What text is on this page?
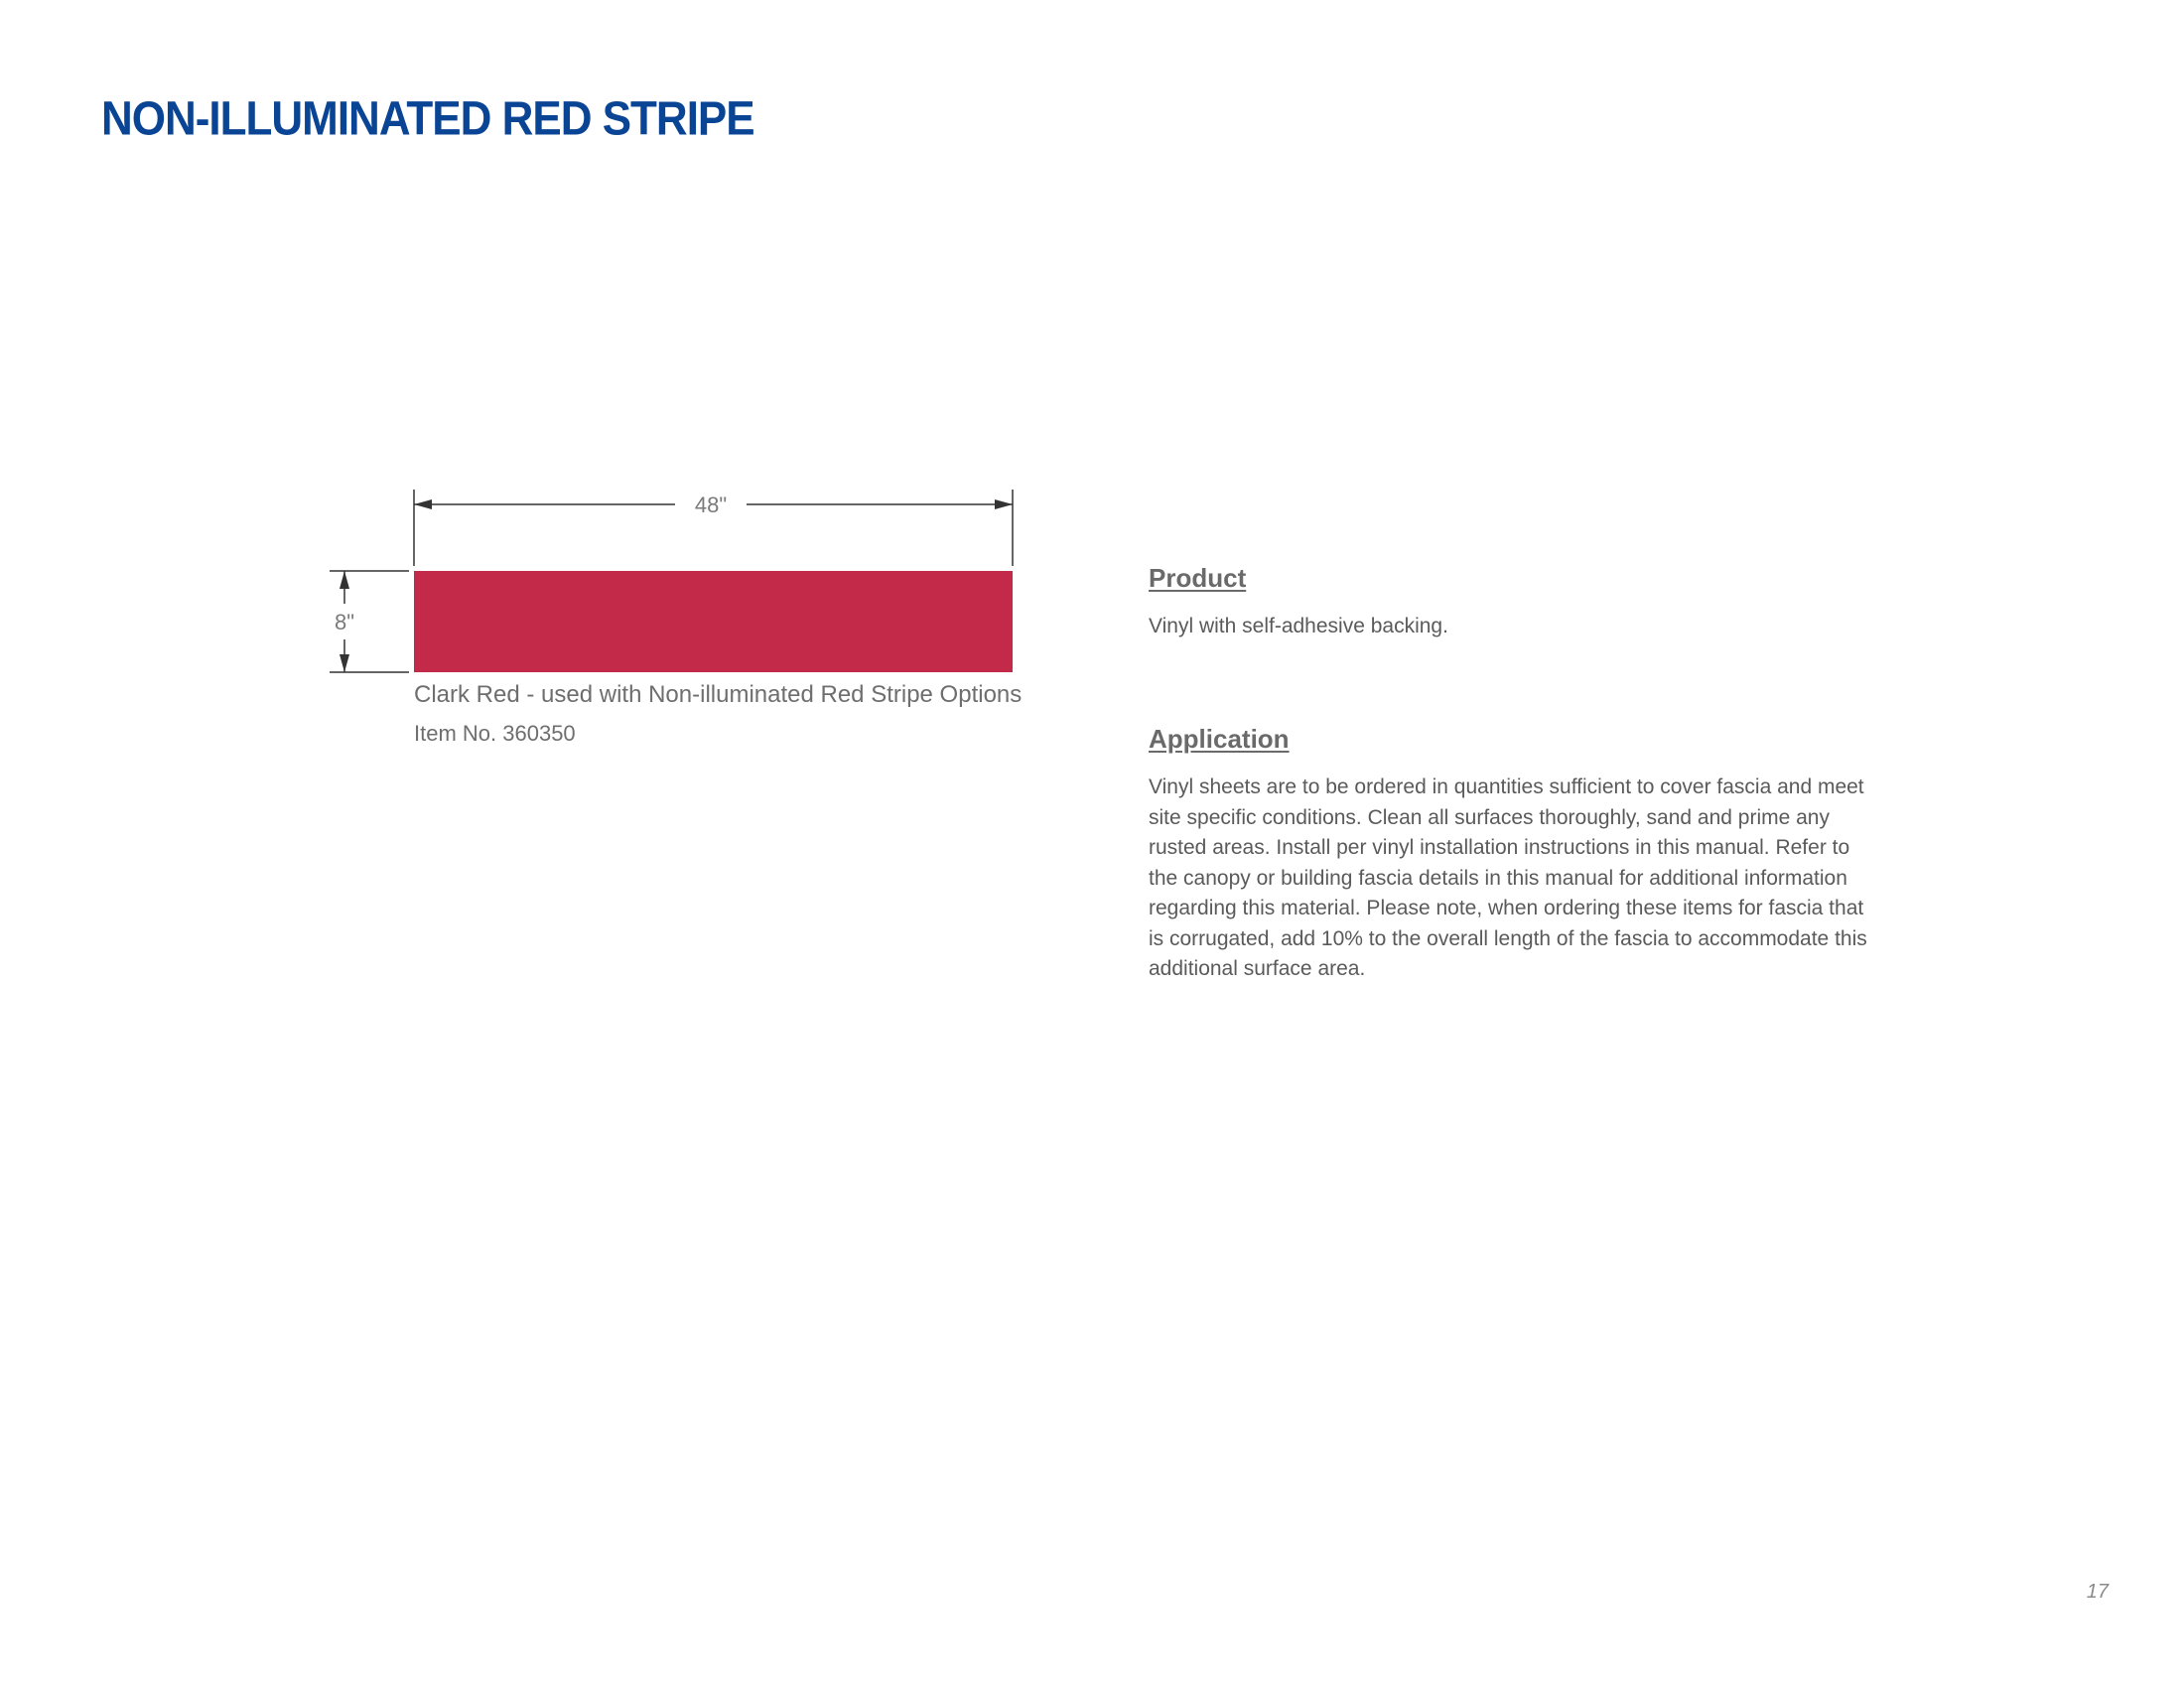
NON-ILLUMINATED RED STRIPE
48"
8"
Clark Red - used with Non-illuminated Red Stripe Options
Item No. 360350
Product

Vinyl with self-adhesive backing.

Application

Vinyl sheets are to be ordered in quantities sufficient to cover fascia and meet site specific conditions. Clean all surfaces thoroughly, sand and prime any rusted areas. Install per vinyl installation instructions in this manual. Refer to the canopy or building fascia details in this manual for additional information regarding this material. Please note, when ordering these items for fascia that is corrugated, add 10% to the overall length of the fascia to accommodate this additional surface area.

17
